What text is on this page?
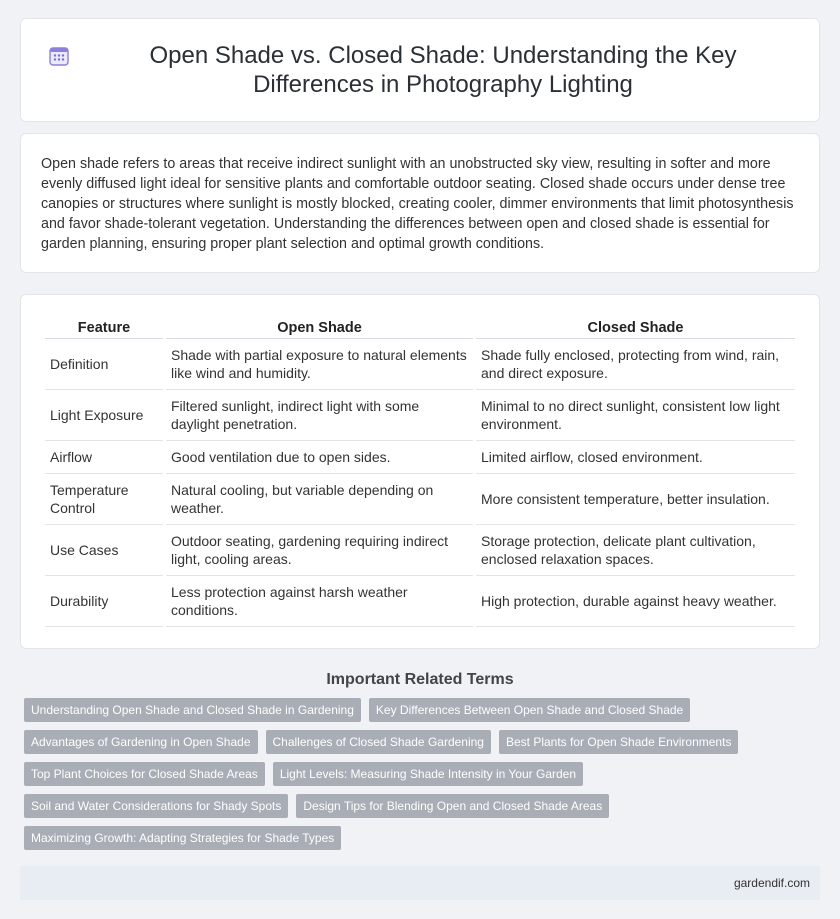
Open Shade vs. Closed Shade: Understanding the Key Differences in Photography Lighting

Open shade refers to areas that receive indirect sunlight with an unobstructed sky view, resulting in softer and more evenly diffused light ideal for sensitive plants and comfortable outdoor seating. Closed shade occurs under dense tree canopies or structures where sunlight is mostly blocked, creating cooler, dimmer environments that limit photosynthesis and favor shade-tolerant vegetation. Understanding the differences between open and closed shade is essential for garden planning, ensuring proper plant selection and optimal growth conditions.

Feature	Open Shade	Closed Shade
Definition	Shade with partial exposure to natural elements like wind and humidity.	Shade fully enclosed, protecting from wind, rain, and direct exposure.
Light Exposure	Filtered sunlight, indirect light with some daylight penetration.	Minimal to no direct sunlight, consistent low light environment.
Airflow	Good ventilation due to open sides.	Limited airflow, closed environment.
Temperature Control	Natural cooling, but variable depending on weather.	More consistent temperature, better insulation.
Use Cases	Outdoor seating, gardening requiring indirect light, cooling areas.	Storage protection, delicate plant cultivation, enclosed relaxation spaces.
Durability	Less protection against harsh weather conditions.	High protection, durable against heavy weather.
Important Related Terms
Understanding Open Shade and Closed Shade in Gardening	Key Differences Between Open Shade and Closed Shade
Advantages of Gardening in Open Shade	Challenges of Closed Shade Gardening	Best Plants for Open Shade Environments
Top Plant Choices for Closed Shade Areas	Light Levels: Measuring Shade Intensity in Your Garden
Soil and Water Considerations for Shady Spots	Design Tips for Blending Open and Closed Shade Areas
Maximizing Growth: Adapting Strategies for Shade Types
gardendif.com
